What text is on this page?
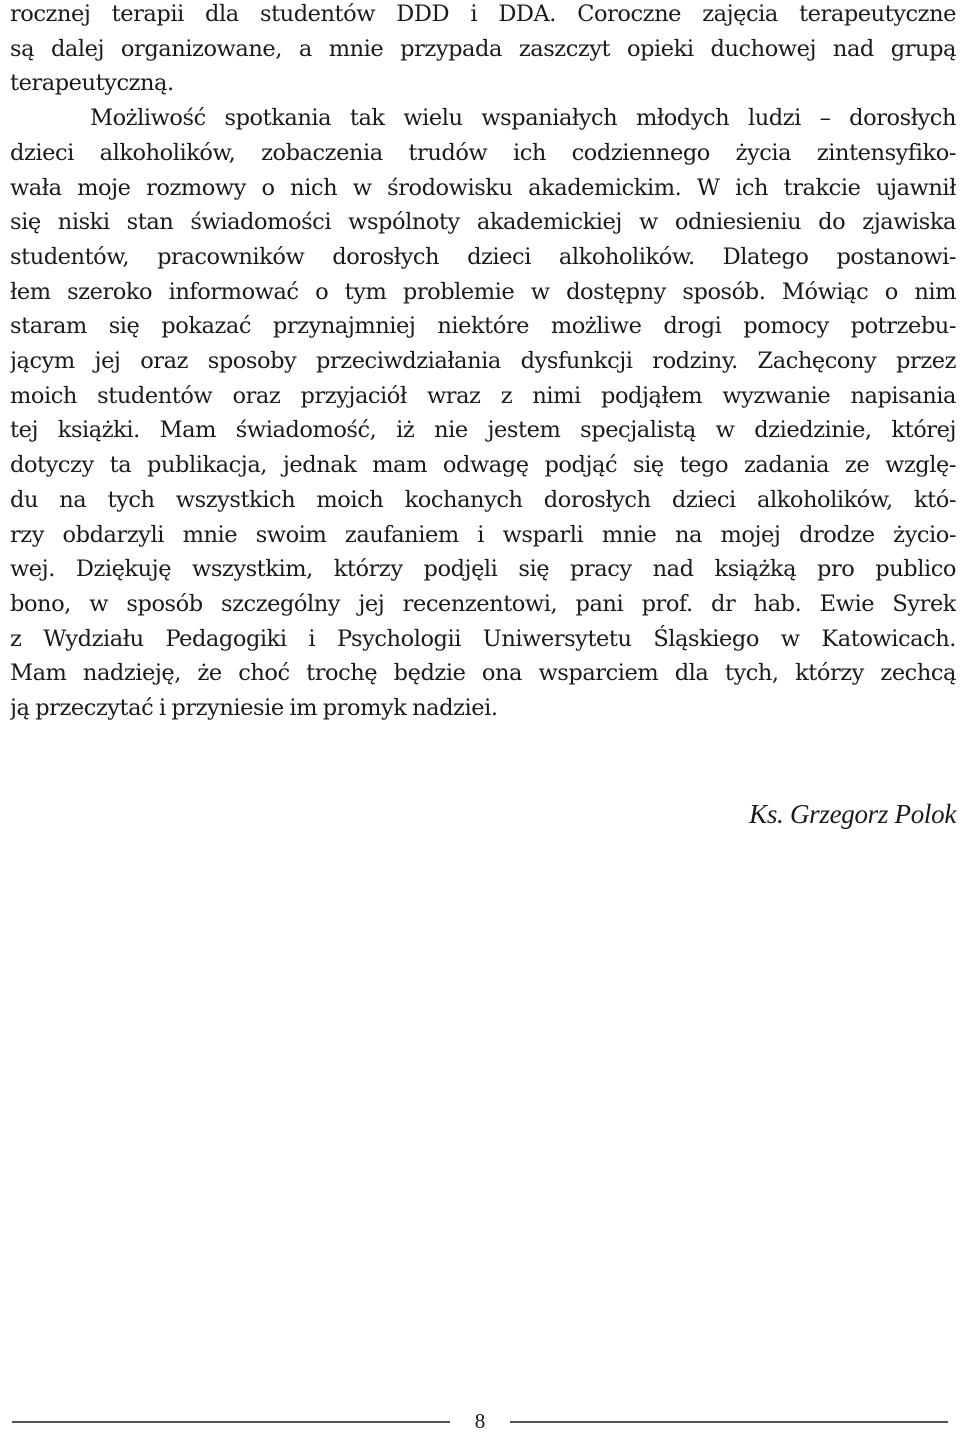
rocznej terapii dla studentów DDD i DDA. Coroczne zajęcia terapeutyczne
są dalej organizowane, a mnie przypada zaszczyt opieki duchowej nad grupą
terapeutyczną.
Możliwość spotkania tak wielu wspaniałych młodych ludzi – dorosłych
dzieci alkoholików, zobaczenia trudów ich codziennego życia zintensyfiko-
wała moje rozmowy o nich w środowisku akademickim. W ich trakcie ujawnił
się niski stan świadomości wspólnoty akademickiej w odniesieniu do zjawiska
studentów, pracowników dorosłych dzieci alkoholików. Dlatego postanowi-
łem szeroko informować o tym problemie w dostępny sposób. Mówiąc o nim
staram się pokazać przynajmniej niektóre możliwe drogi pomocy potrzebu-
jącym jej oraz sposoby przeciwdziałania dysfunkcji rodziny. Zachęcony przez
moich studentów oraz przyjaciół wraz z nimi podjąłem wyzwanie napisania
tej książki. Mam świadomość, iż nie jestem specjalistą w dziedzinie, której
dotyczy ta publikacja, jednak mam odwagę podjąć się tego zadania ze wzglę-
du na tych wszystkich moich kochanych dorosłych dzieci alkoholików, któ-
rzy obdarzyli mnie swoim zaufaniem i wsparli mnie na mojej drodze życio-
wej. Dziękuję wszystkim, którzy podjęli się pracy nad książką pro publico
bono, w sposób szczególny jej recenzentowi, pani prof. dr hab. Ewie Syrek
z Wydziału Pedagogiki i Psychologii Uniwersytetu Śląskiego w Katowicach.
Mam nadzieję, że choć trochę będzie ona wsparciem dla tych, którzy zechcą
ją przeczytać i przyniesie im promyk nadziei.

Ks. Grzegorz Polok

8
